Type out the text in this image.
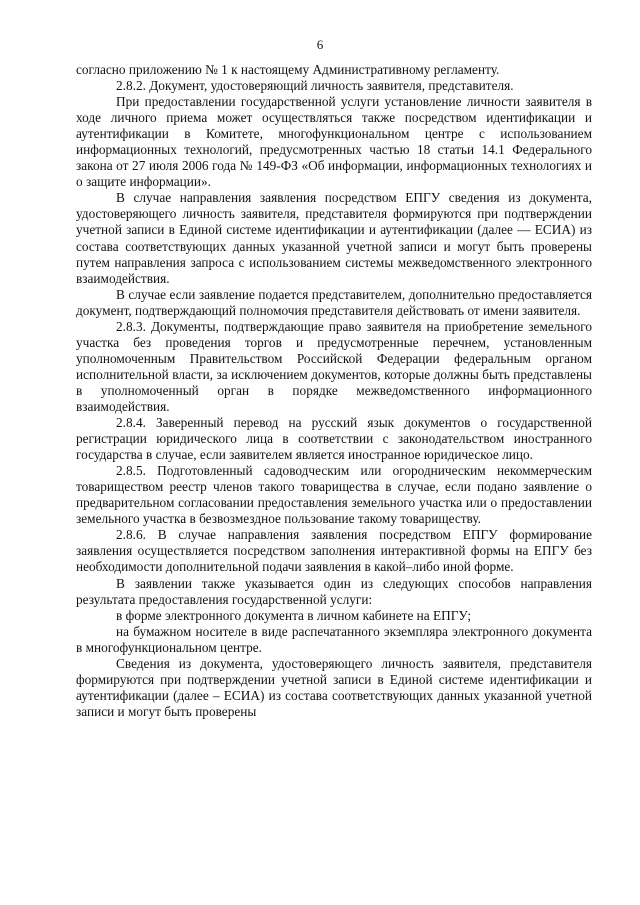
6

согласно приложению № 1 к настоящему Административному регламенту.

2.8.2. Документ, удостоверяющий личность заявителя, представителя.

При предоставлении государственной услуги установление личности заявителя в ходе личного приема может осуществляться также посредством идентификации и аутентификации в Комитете, многофункциональном центре с использованием информационных технологий, предусмотренных частью 18 статьи 14.1 Федерального закона от 27 июля 2006 года № 149-ФЗ «Об информации, информационных технологиях и о защите информации».

В случае направления заявления посредством ЕПГУ сведения из документа, удостоверяющего личность заявителя, представителя формируются при подтверждении учетной записи в Единой системе идентификации и аутентификации (далее — ЕСИА) из состава соответствующих данных указанной учетной записи и могут быть проверены путем направления запроса с использованием системы межведомственного электронного взаимодействия.

В случае если заявление подается представителем, дополнительно предоставляется документ, подтверждающий полномочия представителя действовать от имени заявителя.

2.8.3. Документы, подтверждающие право заявителя на приобретение земельного участка без проведения торгов и предусмотренные перечнем, установленным уполномоченным Правительством Российской Федерации федеральным органом исполнительной власти, за исключением документов, которые должны быть представлены в уполномоченный орган в порядке межведомственного информационного взаимодействия.

2.8.4. Заверенный перевод на русский язык документов о государственной регистрации юридического лица в соответствии с законодательством иностранного государства в случае, если заявителем является иностранное юридическое лицо.

2.8.5. Подготовленный садоводческим или огородническим некоммерческим товариществом реестр членов такого товарищества в случае, если подано заявление о предварительном согласовании предоставления земельного участка или о предоставлении земельного участка в безвозмездное пользование такому товариществу.

2.8.6. В случае направления заявления посредством ЕПГУ формирование заявления осуществляется посредством заполнения интерактивной формы на ЕПГУ без необходимости дополнительной подачи заявления в какой–либо иной форме.

В заявлении также указывается один из следующих способов направления результата предоставления государственной услуги:

в форме электронного документа в личном кабинете на ЕПГУ;

на бумажном носителе в виде распечатанного экземпляра электронного документа в многофункциональном центре.

Сведения из документа, удостоверяющего личность заявителя, представителя формируются при подтверждении учетной записи в Единой системе идентификации и аутентификации (далее – ЕСИА) из состава соответствующих данных указанной учетной записи и могут быть проверены
